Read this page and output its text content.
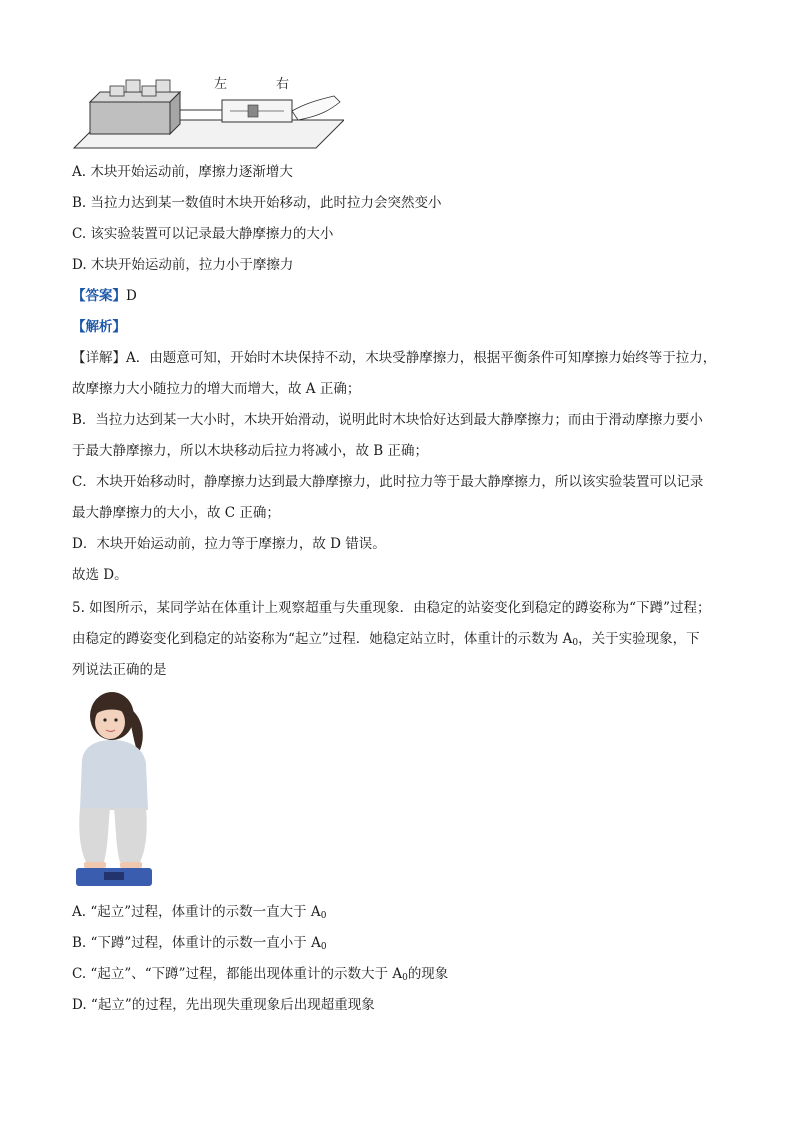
左	右
A. 木块开始运动前，摩擦力逐渐增大
B. 当拉力达到某一数值时木块开始移动，此时拉力会突然变小
C. 该实验装置可以记录最大静摩擦力的大小
D. 木块开始运动前，拉力小于摩擦力
【答案】D
【解析】
【详解】A．由题意可知，开始时木块保持不动，木块受静摩擦力，根据平衡条件可知摩擦力始终等于拉力，
故摩擦力大小随拉力的增大而增大，故 A 正确；
B．当拉力达到某一大小时，木块开始滑动，说明此时木块恰好达到最大静摩擦力；而由于滑动摩擦力要小
于最大静摩擦力，所以木块移动后拉力将减小，故 B 正确；
C．木块开始移动时，静摩擦力达到最大静摩擦力，此时拉力等于最大静摩擦力，所以该实验装置可以记录
最大静摩擦力的大小，故 C 正确；
D．木块开始运动前，拉力等于摩擦力，故 D 错误。
故选 D。
5. 如图所示，某同学站在体重计上观察超重与失重现象．由稳定的站姿变化到稳定的蹲姿称为“下蹲”过程；
由稳定的蹲姿变化到稳定的站姿称为“起立”过程．她稳定站立时，体重计的示数为 $A_0$，关于实验现象，下
列说法正确的是
A. “起立”过程，体重计的示数一直大于 $A_0$
B. “下蹲”过程，体重计的示数一直小于 $A_0$
C. “起立”、“下蹲”过程，都能出现体重计的示数大于 $A_0$的现象
D. “起立”的过程，先出现失重现象后出现超重现象
